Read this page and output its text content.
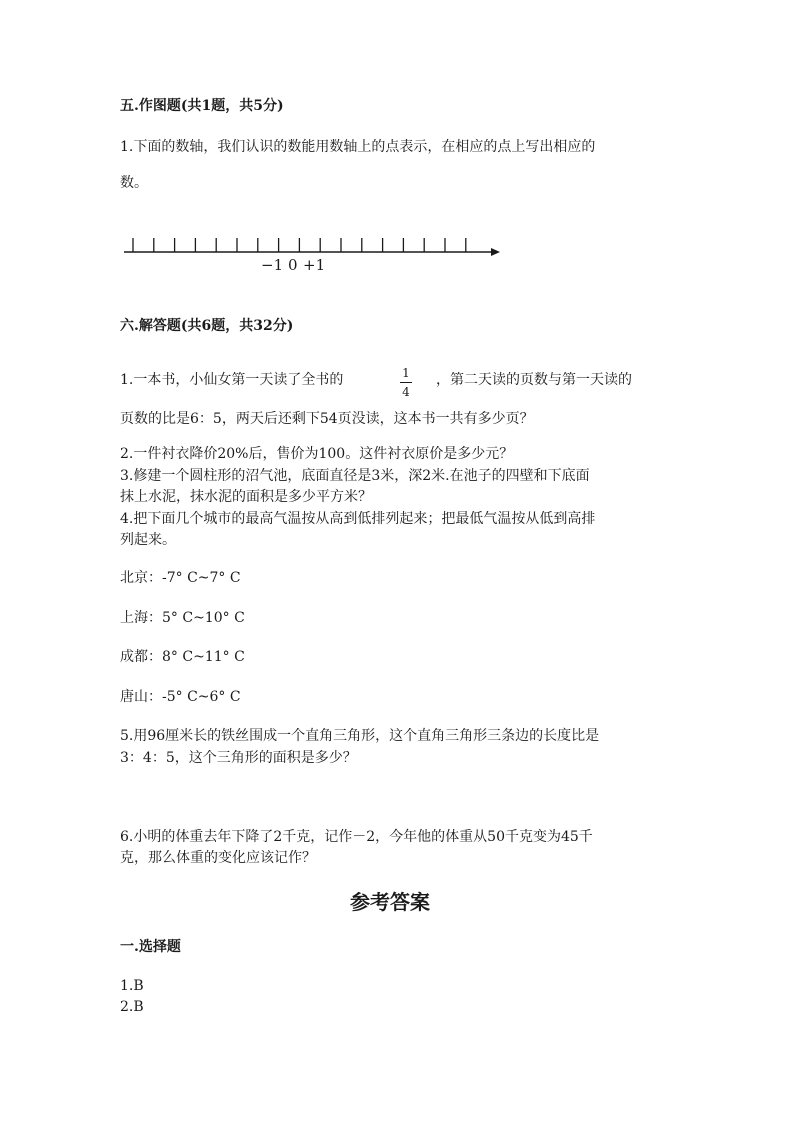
五.作图题(共1题，共5分)
1.下面的数轴，我们认识的数能用数轴上的点表示，在相应的点上写出相应的
数。
−1 0 +1
六.解答题(共6题，共32分)
1.一本书，小仙女第一天读了全书的	1
4
，第二天读的页数与第一天读的
页数的比是6：5，两天后还剩下54页没读，这本书一共有多少页？
2.一件衬衣降价20%后，售价为100。这件衬衣原价是多少元？
3.修建一个圆柱形的沼气池，底面直径是3米，深2米.在池子的四壁和下底面
抹上水泥，抹水泥的面积是多少平方米？
4.把下面几个城市的最高气温按从高到低排列起来；把最低气温按从低到高排
列起来。
北京：-7° C~7° C
上海：5° C~10° C
成都：8° C~11° C
唐山：-5° C~6° C
5.用96厘米长的铁丝围成一个直角三角形，这个直角三角形三条边的长度比是
3：4：5，这个三角形的面积是多少？
6.小明的体重去年下降了2千克，记作－2，今年他的体重从50千克变为45千
克，那么体重的变化应该记作？
参考答案
一.选择题
1.B
2.B
